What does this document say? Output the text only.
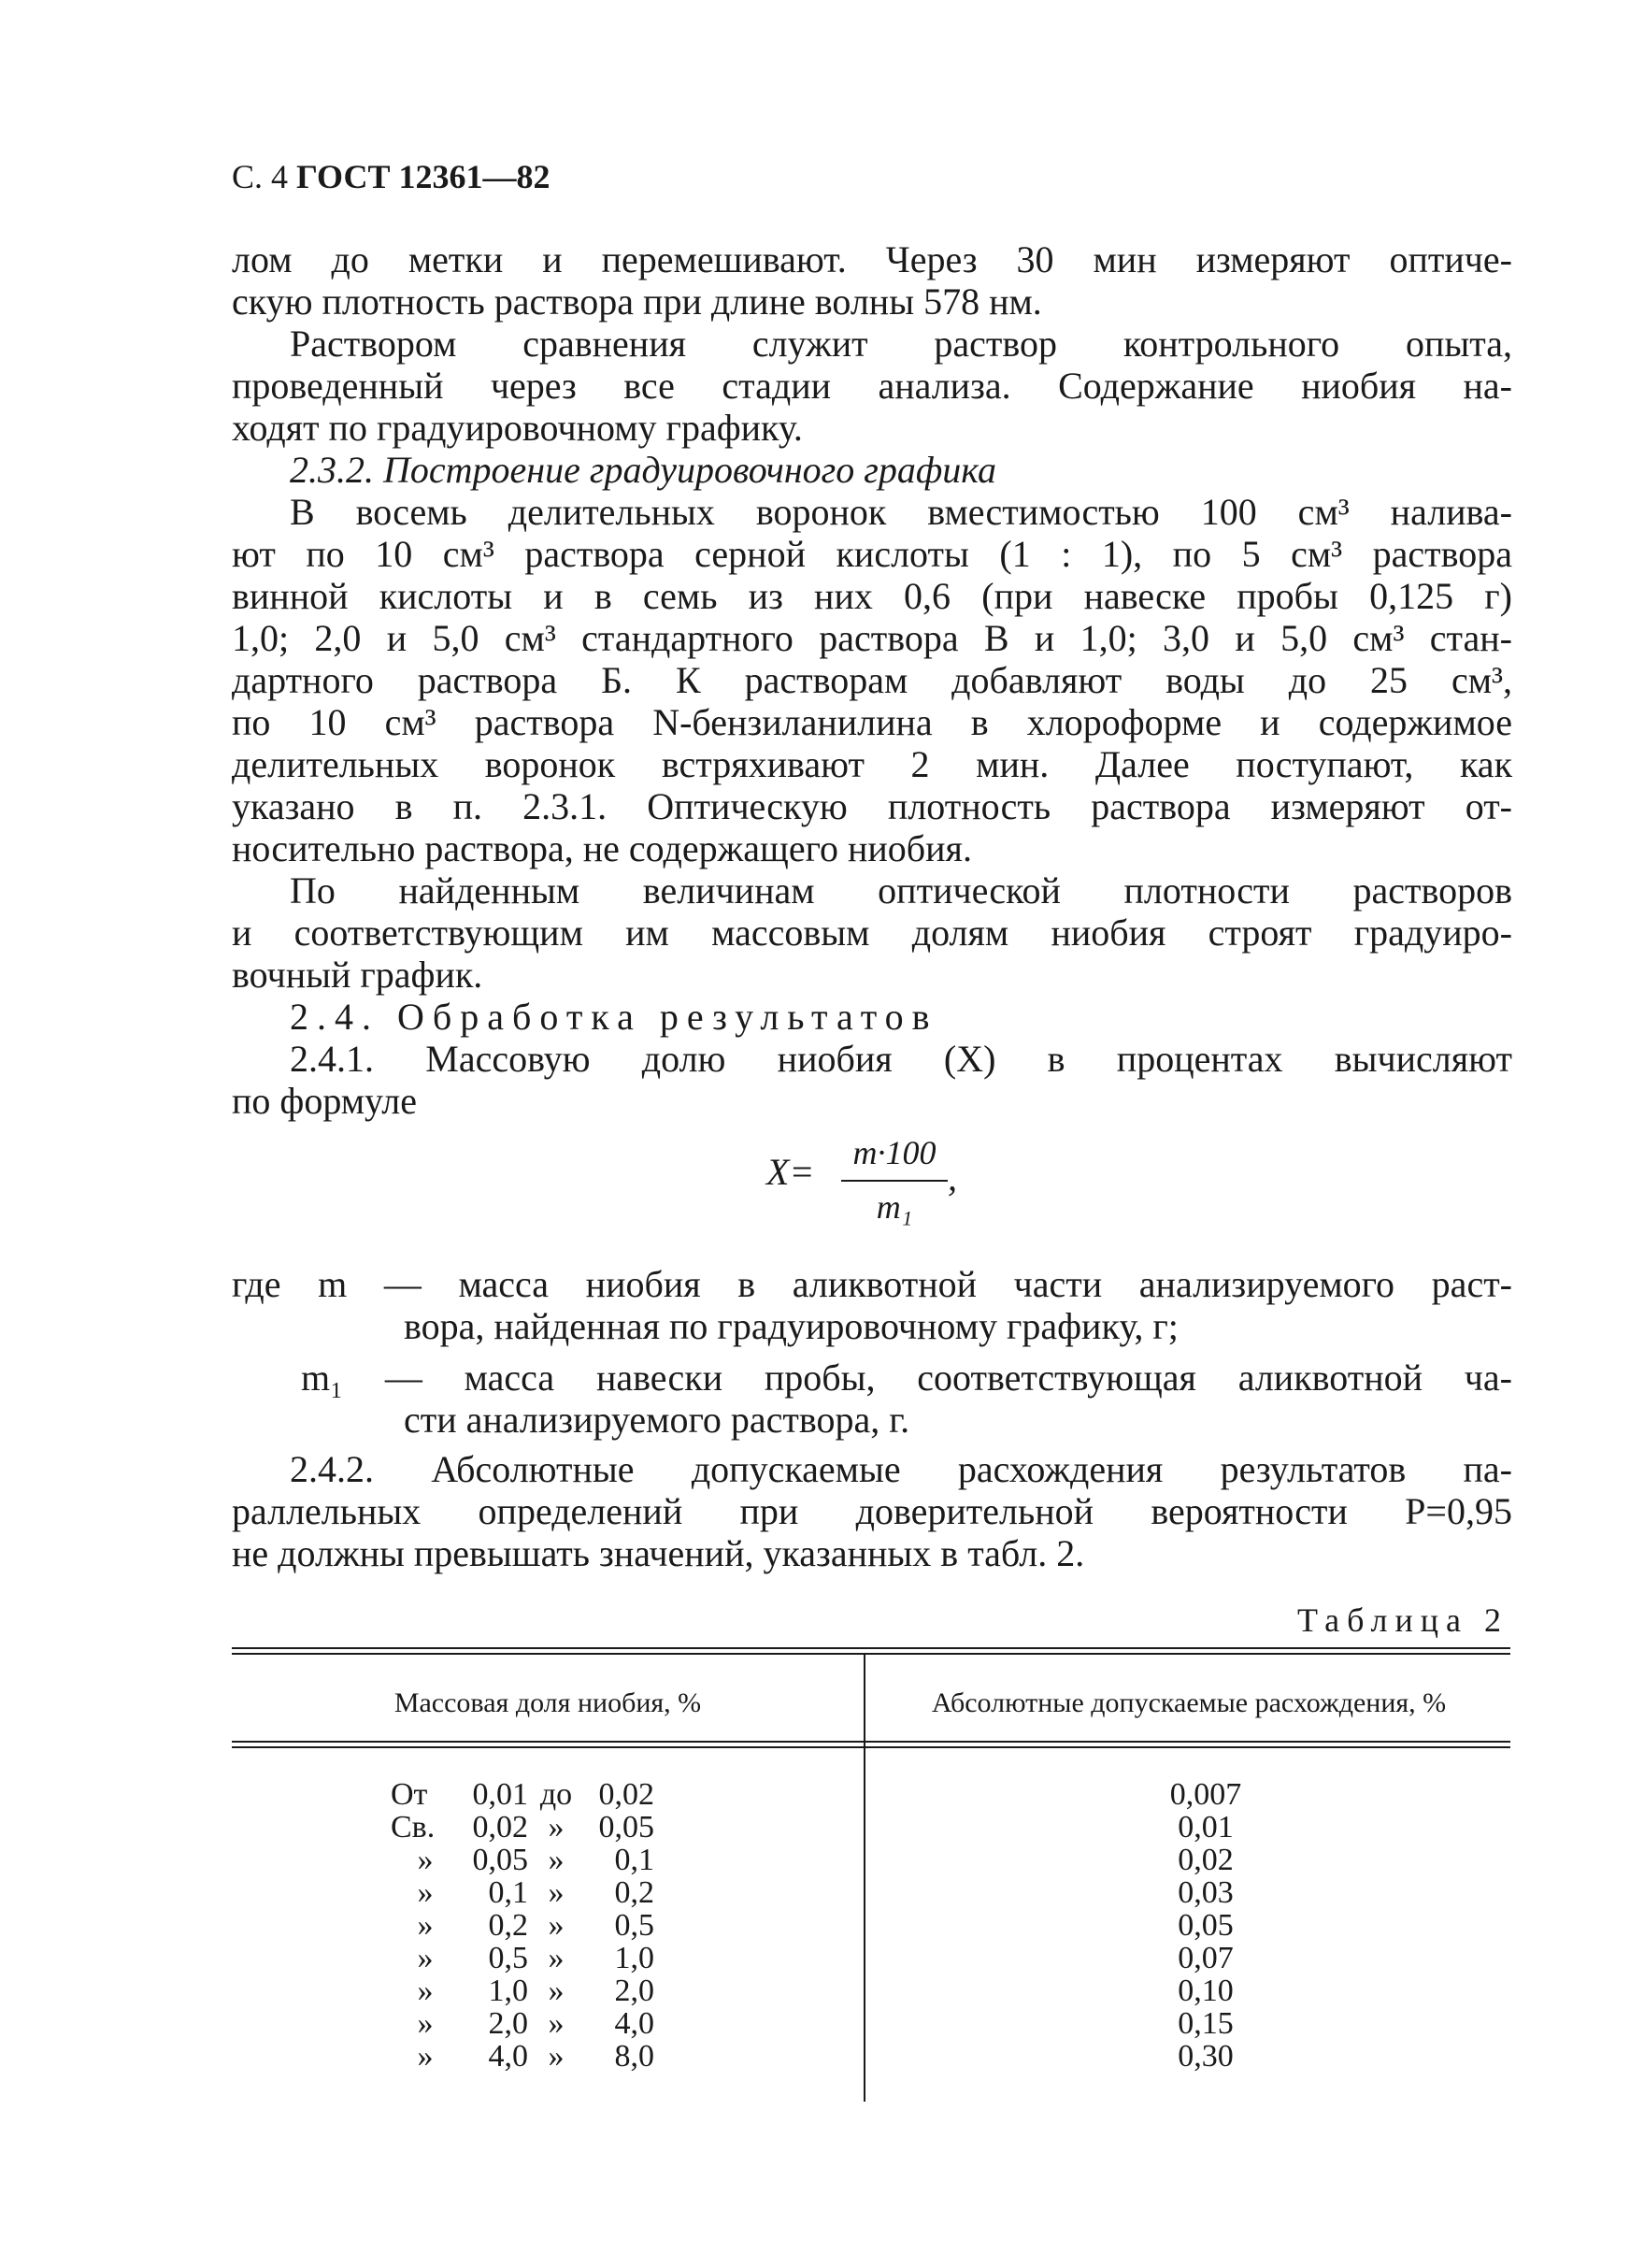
С. 4 ГОСТ 12361—82
лом до метки и перемешивают. Через 30 мин измеряют оптиче-
скую плотность раствора при длине волны 578 нм.
Раствором сравнения служит раствор контрольного опыта,
проведенный через все стадии анализа. Содержание ниобия на-
ходят по градуировочному графику.
2.3.2. Построение градуировочного графика
В восемь делительных воронок вместимостью 100 см³ налива-
ют по 10 см³ раствора серной кислоты (1 : 1), по 5 см³ раствора
винной кислоты и в семь из них 0,6 (при навеске пробы 0,125 г)
1,0; 2,0 и 5,0 см³ стандартного раствора В и 1,0; 3,0 и 5,0 см³ стан-
дартного раствора Б. К растворам добавляют воды до 25 см³,
по 10 см³ раствора N-бензиланилина в хлороформе и содержимое
делительных воронок встряхивают 2 мин. Далее поступают, как
указано в п. 2.3.1. Оптическую плотность раствора измеряют от-
носительно раствора, не содержащего ниобия.
По найденным величинам оптической плотности растворов
и соответствующим им массовым долям ниобия строят градуиро-
вочный график.
2.4. Обработка результатов
2.4.1. Массовую долю ниобия (X) в процентах вычисляют
по формуле
X=	m·100
m₁
,
где m — масса ниобия в аликвотной части анализируемого раст-
вора, найденная по градуировочному графику, г;
m₁ — масса навески пробы, соответствующая аликвотной ча-
сти анализируемого раствора, г.
2.4.2. Абсолютные допускаемые расхождения результатов па-
раллельных определений при доверительной вероятности P=0,95
не должны превышать значений, указанных в табл. 2.
Таблица 2
Массовая доля ниобия, %	Абсолютные допускаемые расхождения, %
От	0,01 до 0,02	0,007
Св.	0,02 »	0,05	0,01
»	0,05 »	0,1	0,02
»	0,1 »	0,2	0,03
»	0,2 »	0,5	0,05
»	0,5 »	1,0	0,07
»	1,0 »	2,0	0,10
»	2,0 »	4,0	0,15
»	4,0 »	8,0	0,30
